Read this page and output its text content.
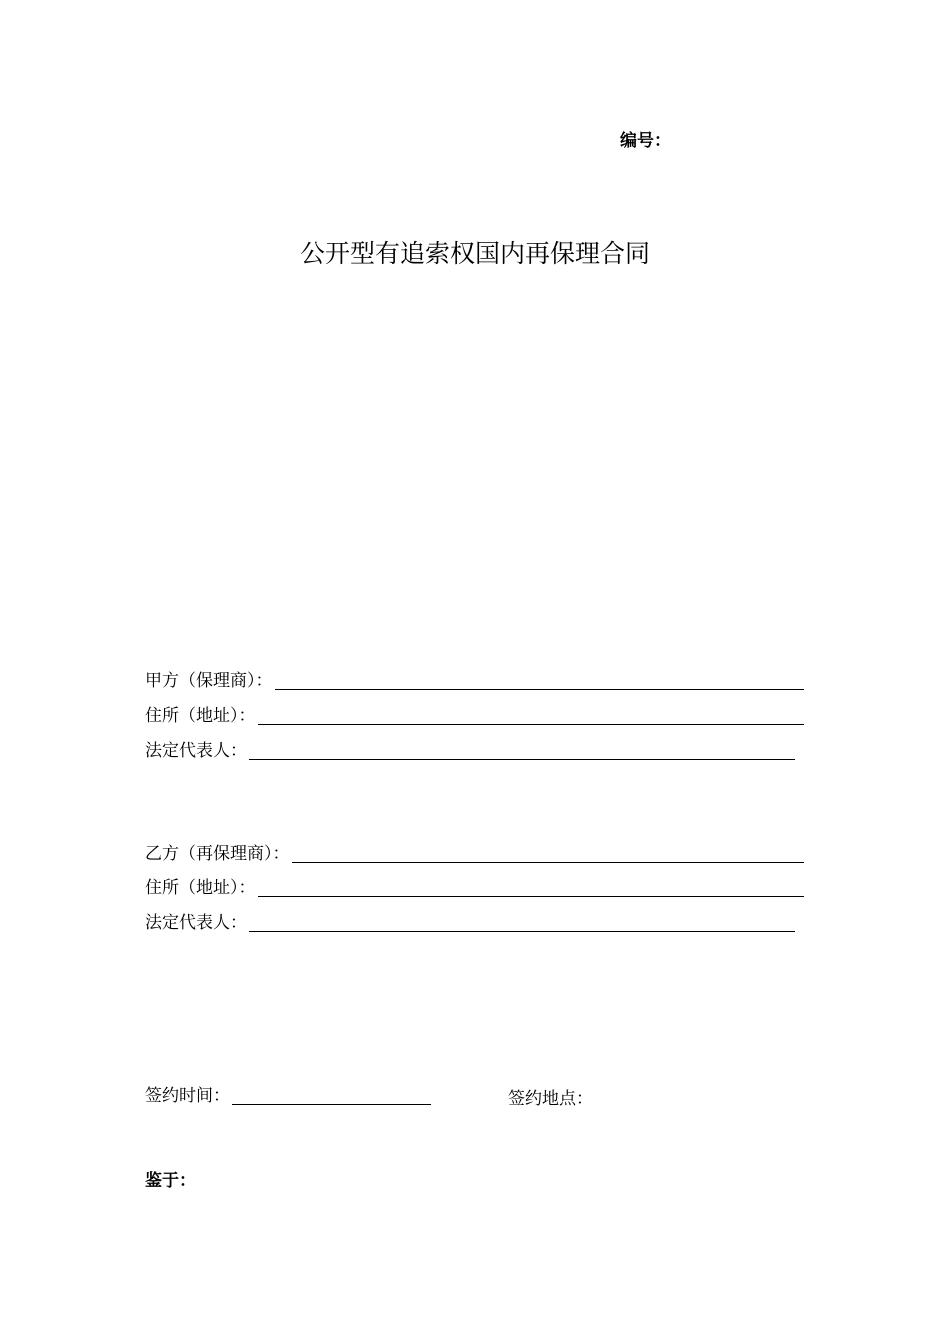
编号：
公开型有追索权国内再保理合同
甲方（保理商）：
住所（地址）：
法定代表人：
乙方（再保理商）：
住所（地址）：
法定代表人：
签约时间：	签约地点：
鉴于：
